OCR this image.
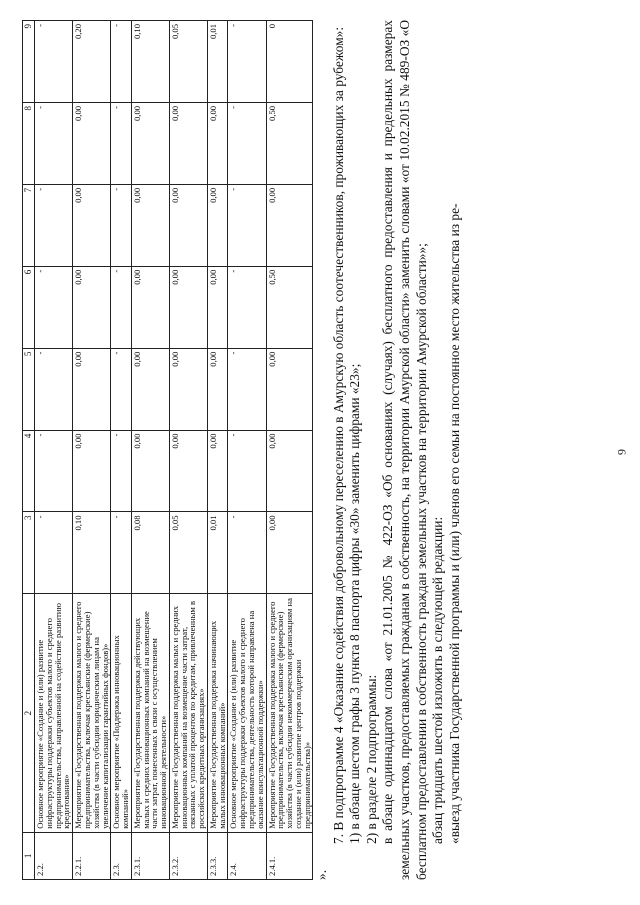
9
1	2	3	4	5	6	7	8	9
2.2.	Основное мероприятие «Создание и (или) развитие инфраструктуры поддержки субъектов малого и среднего предпринимательства, направленной на содействие развитию кредитования»	-	-	-	-	-	-	-
2.2.1.	Мероприятие «Государственная поддержка малого и среднего предпринимательства, включая крестьянские (фермерские) хозяйства (в части субсидии юридическим лицам на увеличение капитализации гарантийных фондов)»	0,10	0,00	0,00	0,00	0,00	0,00	0,20
2.3.	Основное мероприятие «Поддержка инновационных компаний»	-	-	-	-	-	-	-
2.3.1.	Мероприятие «Государственная поддержка действующих малых и средних инновационных компаний на возмещение части затрат, понесенных в связи с осуществлением инновационной деятельности»	0,08	0,00	0,00	0,00	0,00	0,00	0,10
2.3.2.	Мероприятие «Государственная поддержка малых и средних инновационных компаний на возмещение части затрат, связанных с уплатой процентов по кредитам, привлеченным в российских кредитных организациях»	0,05	0,00	0,00	0,00	0,00	0,00	0,05
2.3.3.	Мероприятие «Государственная поддержка начинающих малых инновационных компаний»	0,01	0,00	0,00	0,00	0,00	0,00	0,01
2.4.	Основное мероприятие «Создание и (или) развитие инфраструктуры поддержки субъектов малого и среднего предпринимательства, деятельность которой направлена на оказание консультационной поддержки»	-	-	-	-	-	-	-
2.4.1.	Мероприятие «Государственная поддержка малого и среднего предпринимательства, включая крестьянские (фермерские) хозяйства (в части субсидии некоммерческим организациям на создание и (или) развитие центров поддержки предпринимательства)»	0,00	0,00	0,00	0,50	0,00	0,50	0

».

7. В подпрограмме 4 «Оказание содействия добровольному переселению в Амурскую область соотечественников, проживающих за рубежом»: 1) в абзаце шестом графы 3 пункта 8 паспорта цифры «30» заменить цифрами «23»; 2) в разделе 2 подпрограммы: в абзаце одиннадцатом слова «от 21.01.2005 № 422-ОЗ «Об основаниях (случаях) бесплатного предоставления и предельных размерах земельных участков, предоставляемых гражданам в собственность, на территории Амурской области» заменить словами «от 10.02.2015 № 489-ОЗ «О бесплатном предоставлении в собственность граждан земельных участков на территории Амурской области»»; абзац тридцать шестой изложить в следующей редакции: «выезд участника Государственной программы и (или) членов его семьи на постоянное место жительства из ре-
